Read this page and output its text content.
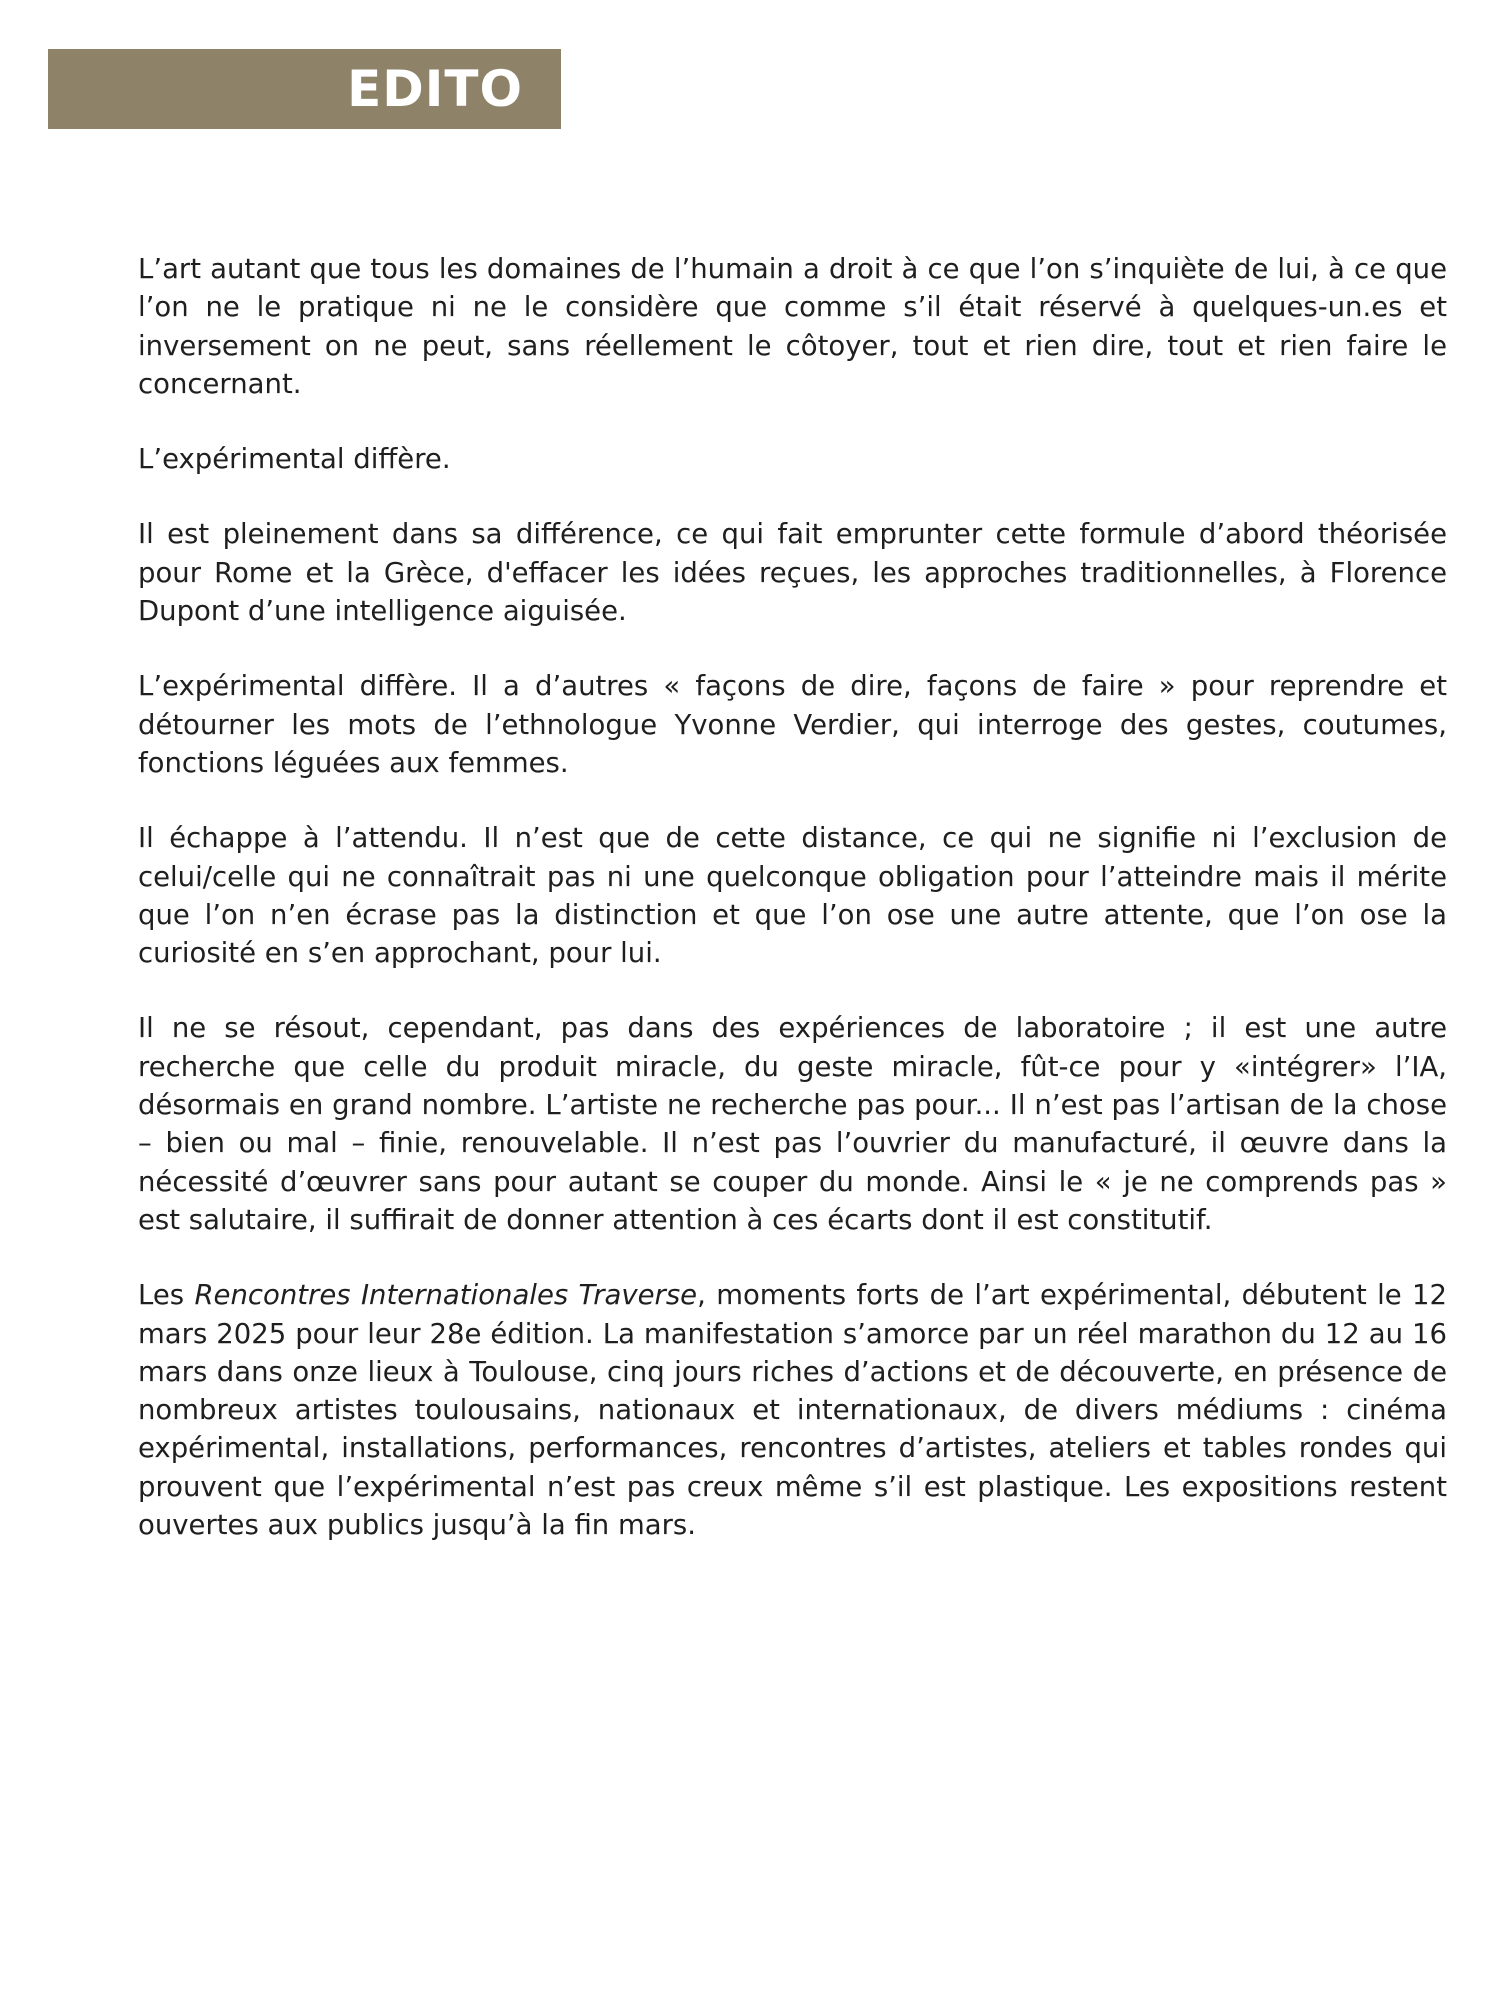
EDITO

L’art autant que tous les domaines de l’humain a droit à ce que l’on s’inquiète de lui, à ce que l’on ne le pratique ni ne le considère que comme s’il était réservé à quelques-un.es et inversement on ne peut, sans réellement le côtoyer, tout et rien dire, tout et rien faire le concernant.

L’expérimental diffère.

Il est pleinement dans sa différence, ce qui fait emprunter cette formule d’abord théorisée pour Rome et la Grèce, d'effacer les idées reçues, les approches traditionnelles, à Florence Dupont d’une intelligence aiguisée.

L’expérimental diffère. Il a d’autres « façons de dire, façons de faire » pour reprendre et détourner les mots de l’ethnologue Yvonne Verdier, qui interroge des gestes, coutumes, fonctions léguées aux femmes.

Il échappe à l’attendu. Il n’est que de cette distance, ce qui ne signifie ni l’exclusion de celui/celle qui ne connaîtrait pas ni une quelconque obligation pour l’atteindre mais il mérite que l’on n’en écrase pas la distinction et que l’on ose une autre attente, que l’on ose la curiosité en s’en approchant, pour lui.

Il ne se résout, cependant, pas dans des expériences de laboratoire ; il est une autre recherche que celle du produit miracle, du geste miracle, fût-ce pour y «intégrer» l’IA, désormais en grand nombre. L’artiste ne recherche pas pour... Il n’est pas l’artisan de la chose – bien ou mal – finie, renouvelable. Il n’est pas l’ouvrier du manufacturé, il œuvre dans la nécessité d’œuvrer sans pour autant se couper du monde. Ainsi le « je ne comprends pas » est salutaire, il suffirait de donner attention à ces écarts dont il est constitutif.

Les Rencontres Internationales Traverse, moments forts de l’art expérimental, débutent le 12 mars 2025 pour leur 28e édition. La manifestation s’amorce par un réel marathon du 12 au 16 mars dans onze lieux à Toulouse, cinq jours riches d’actions et de découverte, en présence de nombreux artistes toulousains, nationaux et internationaux, de divers médiums : cinéma expérimental, installations, performances, rencontres d’artistes, ateliers et tables rondes qui prouvent que l’expérimental n’est pas creux même s’il est plastique. Les expositions restent ouvertes aux publics jusqu’à la fin mars.
